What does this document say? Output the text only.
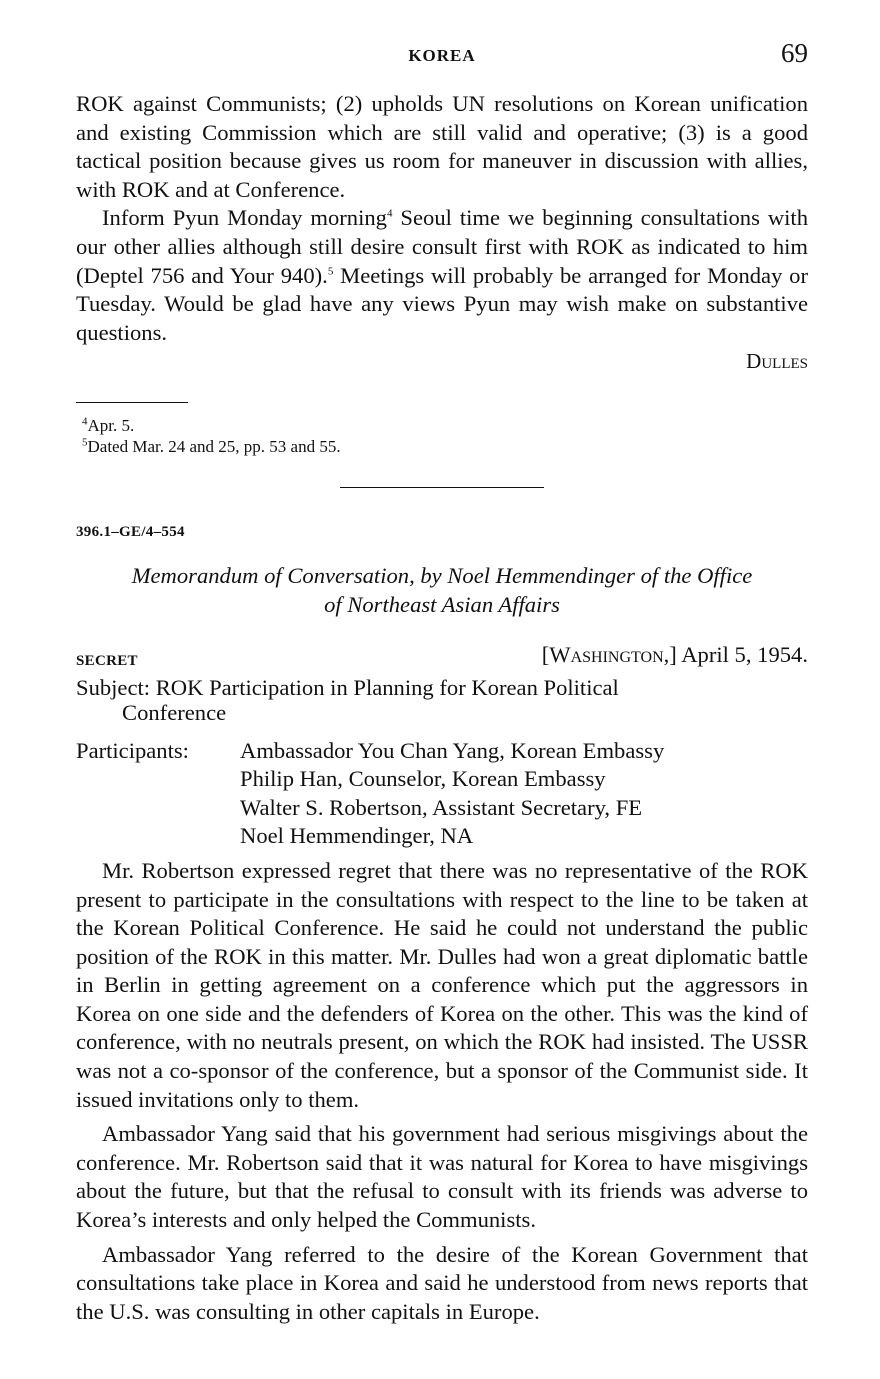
KOREA	69

ROK against Communists; (2) upholds UN resolutions on Korean unification and existing Commission which are still valid and operative; (3) is a good tactical position because gives us room for maneuver in discussion with allies, with ROK and at Conference.

Inform Pyun Monday morning$^4$ Seoul time we beginning consultations with our other allies although still desire consult first with ROK as indicated to him (Deptel 756 and Your 940).$^5$ Meetings will probably be arranged for Monday or Tuesday. Would be glad have any views Pyun may wish make on substantive questions.

Dulles

$^4$Apr. 5.
$^5$Dated Mar. 24 and 25, pp. 53 and 55.
396.1–GE/4–554
Memorandum of Conversation, by Noel Hemmendinger of the Office
of Northeast Asian Affairs
SECRET	[Washington,] April 5, 1954.

Subject: ROK Participation in Planning for Korean Political

Conference
Participants:	Ambassador You Chan Yang, Korean Embassy
Philip Han, Counselor, Korean Embassy
Walter S. Robertson, Assistant Secretary, FE
Noel Hemmendinger, NA

Mr. Robertson expressed regret that there was no representative of the ROK present to participate in the consultations with respect to the line to be taken at the Korean Political Conference. He said he could not understand the public position of the ROK in this matter. Mr. Dulles had won a great diplomatic battle in Berlin in getting agreement on a conference which put the aggressors in Korea on one side and the defenders of Korea on the other. This was the kind of conference, with no neutrals present, on which the ROK had insisted. The USSR was not a co-sponsor of the conference, but a sponsor of the Communist side. It issued invitations only to them.

Ambassador Yang said that his government had serious misgivings about the conference. Mr. Robertson said that it was natural for Korea to have misgivings about the future, but that the refusal to consult with its friends was adverse to Korea’s interests and only helped the Communists.

Ambassador Yang referred to the desire of the Korean Government that consultations take place in Korea and said he understood from news reports that the U.S. was consulting in other capitals in Europe.
